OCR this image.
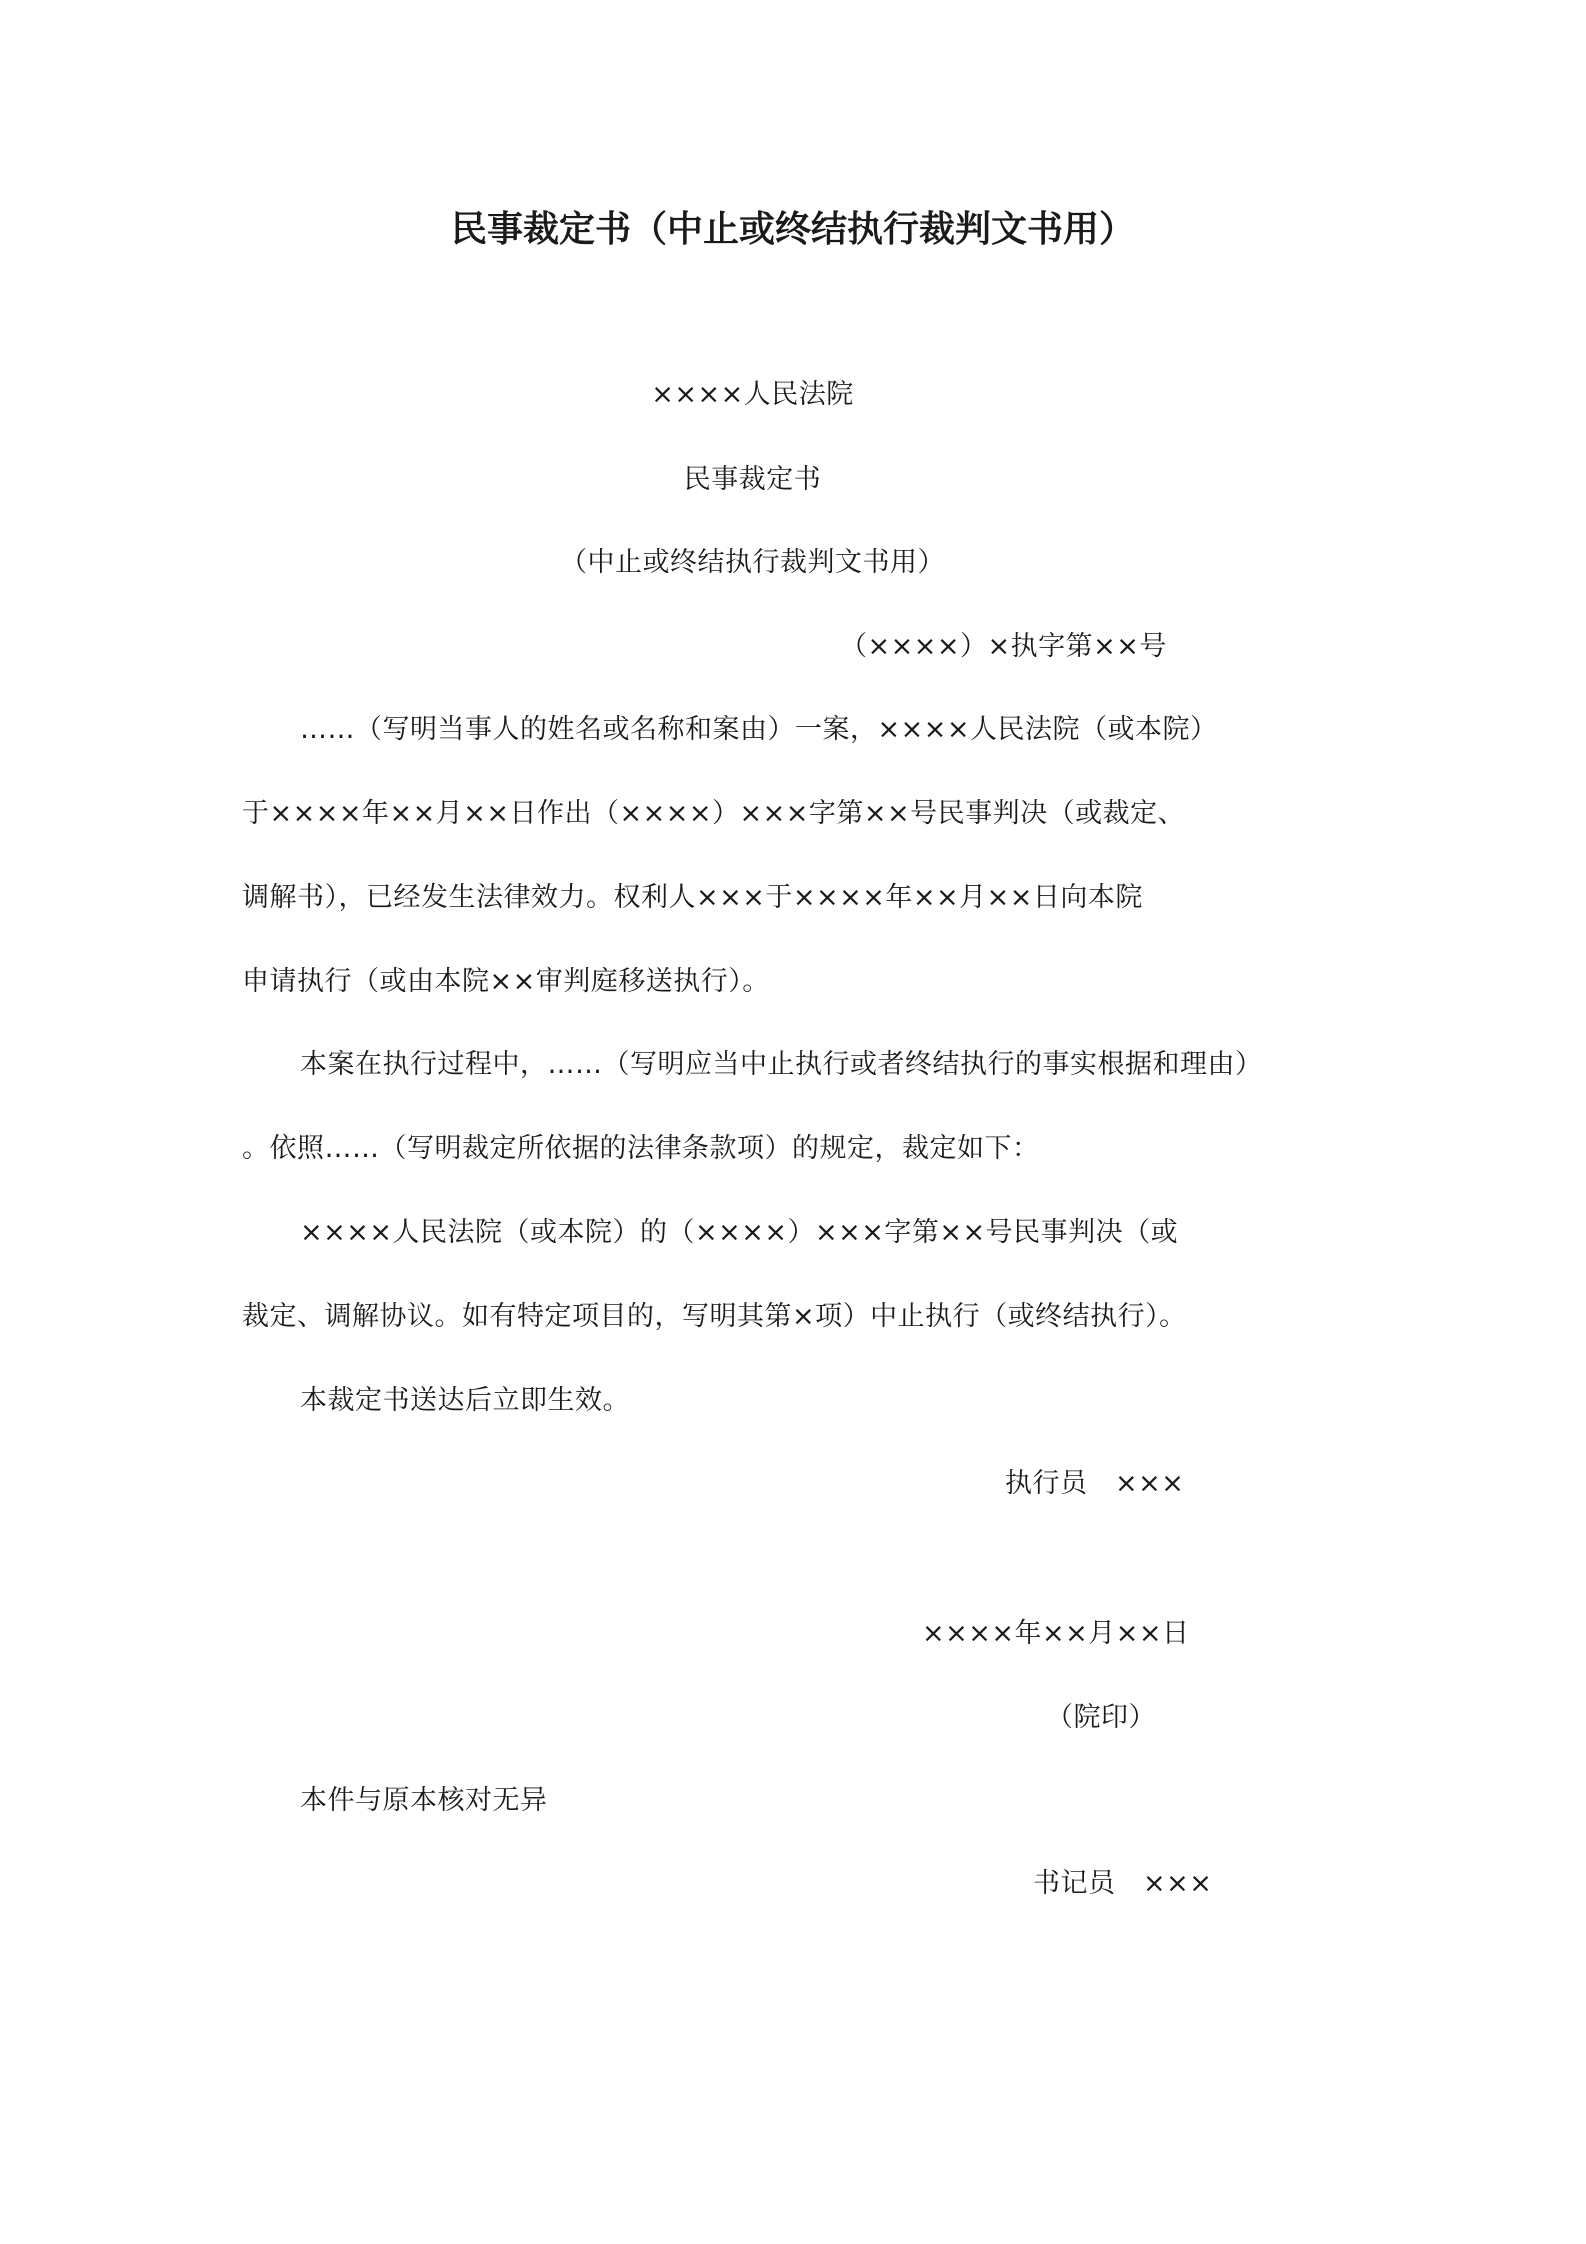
民事裁定书（中止或终结执行裁判文书用）
××××人民法院
民事裁定书
（中止或终结执行裁判文书用）
（××××）×执字第××号
……（写明当事人的姓名或名称和案由）一案，××××人民法院（或本院）
于××××年××月××日作出（××××）×××字第××号民事判决（或裁定、
调解书），已经发生法律效力。权利人×××于××××年××月××日向本院
申请执行（或由本院××审判庭移送执行）。
本案在执行过程中，……（写明应当中止执行或者终结执行的事实根据和理由）
。依照……（写明裁定所依据的法律条款项）的规定，裁定如下：
××××人民法院（或本院）的（××××）×××字第××号民事判决（或
裁定、调解协议。如有特定项目的，写明其第×项）中止执行（或终结执行）。
本裁定书送达后立即生效。
执行员　×××
××××年××月××日
（院印）
本件与原本核对无异
书记员　×××
